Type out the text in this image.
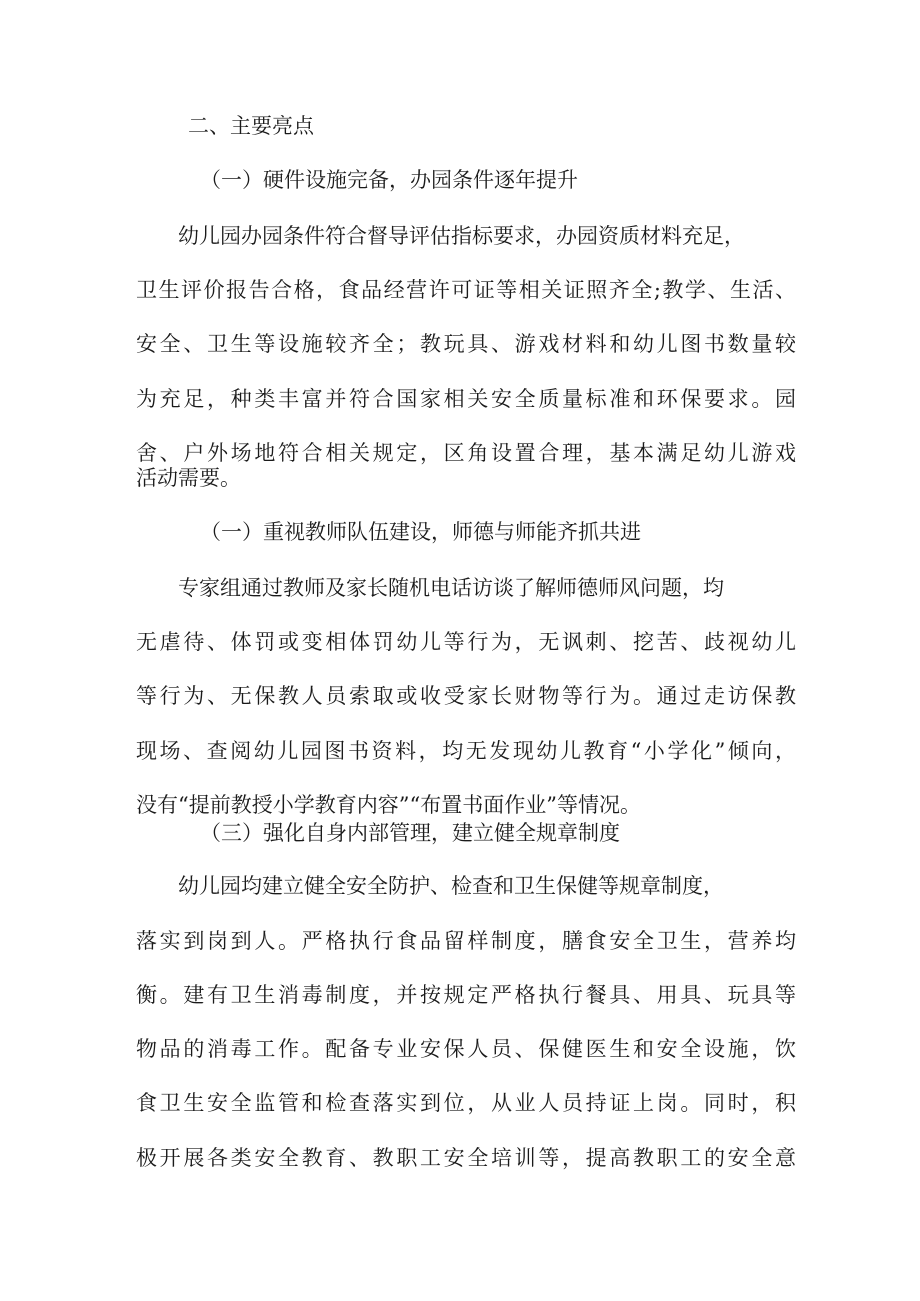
二、主要亮点
（一）硬件设施完备，办园条件逐年提升
幼儿园办园条件符合督导评估指标要求，办园资质材料充足，
卫生评价报告合格，食品经营许可证等相关证照齐全;教学、生活、
安全、卫生等设施较齐全；教玩具、游戏材料和幼儿图书数量较
为充足，种类丰富并符合国家相关安全质量标准和环保要求。园
舍、户外场地符合相关规定，区角设置合理，基本满足幼儿游戏
活动需要。
（一）重视教师队伍建设，师德与师能齐抓共进
专家组通过教师及家长随机电话访谈了解师德师风问题，均
无虐待、体罚或变相体罚幼儿等行为，无讽刺、挖苦、歧视幼儿
等行为、无保教人员索取或收受家长财物等行为。通过走访保教
现场、查阅幼儿园图书资料，均无发现幼儿教育“小学化”倾向，
没有“提前教授小学教育内容”“布置书面作业”等情况。
（三）强化自身内部管理，建立健全规章制度
幼儿园均建立健全安全防护、检查和卫生保健等规章制度，
落实到岗到人。严格执行食品留样制度，膳食安全卫生，营养均
衡。建有卫生消毒制度，并按规定严格执行餐具、用具、玩具等
物品的消毒工作。配备专业安保人员、保健医生和安全设施，饮
食卫生安全监管和检查落实到位，从业人员持证上岗。同时，积
极开展各类安全教育、教职工安全培训等，提高教职工的安全意
